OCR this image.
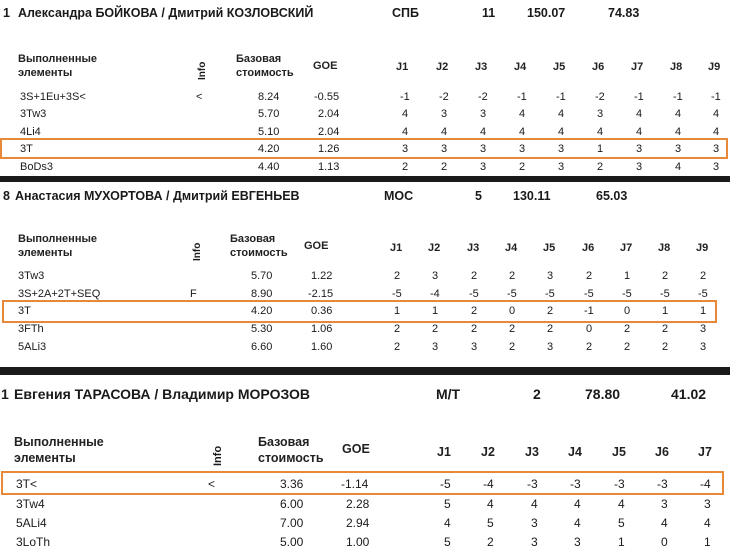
1 Александра БОЙКОВА / Дмитрий КОЗЛОВСКИЙ	СПБ	11	150.07	74.83
Выполненные элементы	Info
Базовая стоимость
GOE	J1	J2 J3 J4 J5 J6 J7 J8 J9
3S+1Eu+3S<	<	8.24	-0.55	-1	-2	-2	-1	-1	-2	-1	-1	-1
3Tw3	5.70	2.04	4	3	3	4	4	3	4	4	4
4Li4	5.10	2.04	4	4	4	4	4	4	4	4	4
3T	4.20	1.26	3	3	3	3	3	1	3	3	3
BoDs3	4.40	1.13	2	2	3	2	3	2	3	4	3
8 Анастасия МУХОРТОВА / Дмитрий ЕВГЕНЬЕВ	МОС	5 130.11	65.03
Выполненные элементы	Info
Базовая стоимость
GOE	J1 J2 J3 J4 J5 J6 J7 J8 J9
3Tw3	5.70	1.22	2	3	2	2	3	2	1	2	2
3S+2A+2T+SEQ	F	8.90	-2.15	-5	-4	-5	-5	-5	-5	-5	-5	-5
3T	4.20	0.36	1	1	2	0	2	-1	0	1	1
3FTh	5.30	1.06	2	2	2	2	2	0	2	2	3
5ALi3	6.60	1.60	2	3	3	2	3	2	2	2	3
1 Евгения ТАРАСОВА / Владимир МОРОЗОВ	М/Т	2	78.80	41.02
Выполненные элементы	Info
Базовая стоимость
GOE	J1 J2 J3 J4 J5 J6 J7
3T<	<	3.36	-1.14	-5	-4	-3	-3	-3	-3	-4
3Tw4	6.00	2.28	5	4	4	4	4	3	3
5ALi4	7.00	2.94	4	5	3	4	5	4	4
3LoTh	5.00	1.00	5	2	3	3	1	0	1
